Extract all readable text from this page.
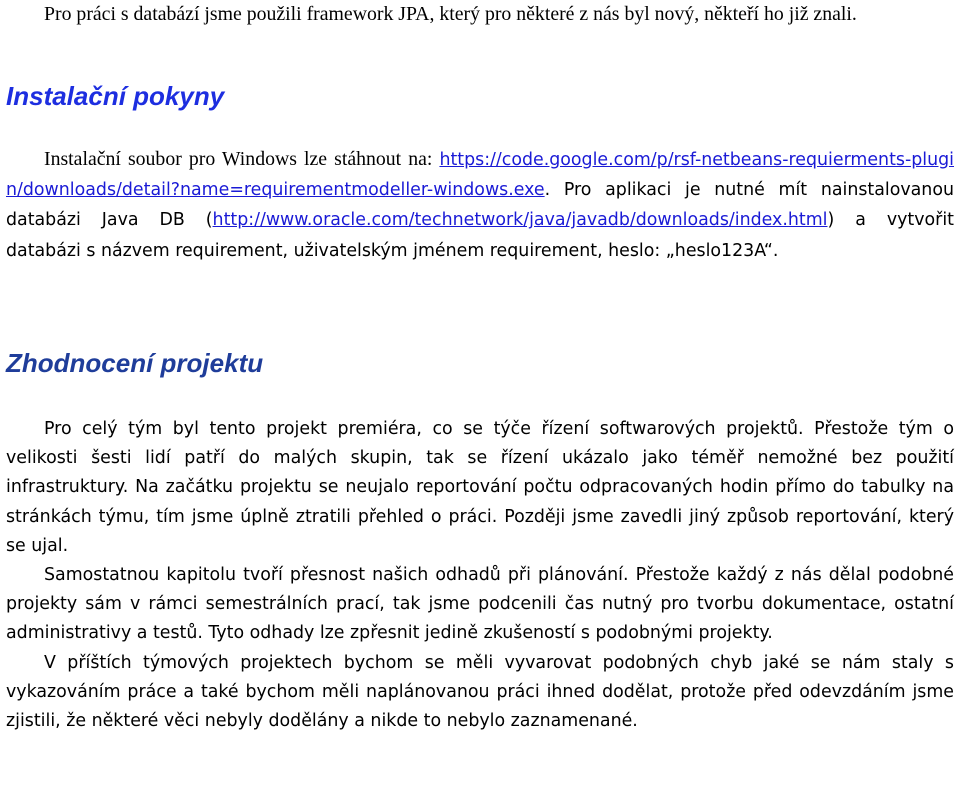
Pro práci s databází jsme použili framework JPA, který pro některé z nás byl nový, někteří ho již znali.

Instalační pokyny

Instalační soubor pro Windows lze stáhnout na: https://code.google.com/p/rsf-netbeans-requierments-plugin/downloads/detail?name=requirementmodeller-windows.exe. Pro aplikaci je nutné mít nainstalovanou databázi Java DB (http://www.oracle.com/technetwork/java/javadb/downloads/index.html) a vytvořit databázi s názvem requirement, uživatelským jménem requirement, heslo: „heslo123A“.

Zhodnocení projektu

Pro celý tým byl tento projekt premiéra, co se týče řízení softwarových projektů. Přestože tým o velikosti šesti lidí patří do malých skupin, tak se řízení ukázalo jako téměř nemožné bez použití infrastruktury. Na začátku projektu se neujalo reportování počtu odpracovaných hodin přímo do tabulky na stránkách týmu, tím jsme úplně ztratili přehled o práci. Později jsme zavedli jiný způsob reportování, který se ujal.

Samostatnou kapitolu tvoří přesnost našich odhadů při plánování. Přestože každý z nás dělal podobné projekty sám v rámci semestrálních prací, tak jsme podcenili čas nutný pro tvorbu dokumentace, ostatní administrativy a testů. Tyto odhady lze zpřesnit jedině zkušeností s podobnými projekty.

V příštích týmových projektech bychom se měli vyvarovat podobných chyb jaké se nám staly s vykazováním práce a také bychom měli naplánovanou práci ihned dodělat, protože před odevzdáním jsme zjistili, že některé věci nebyly dodělány a nikde to nebylo zaznamenané.
